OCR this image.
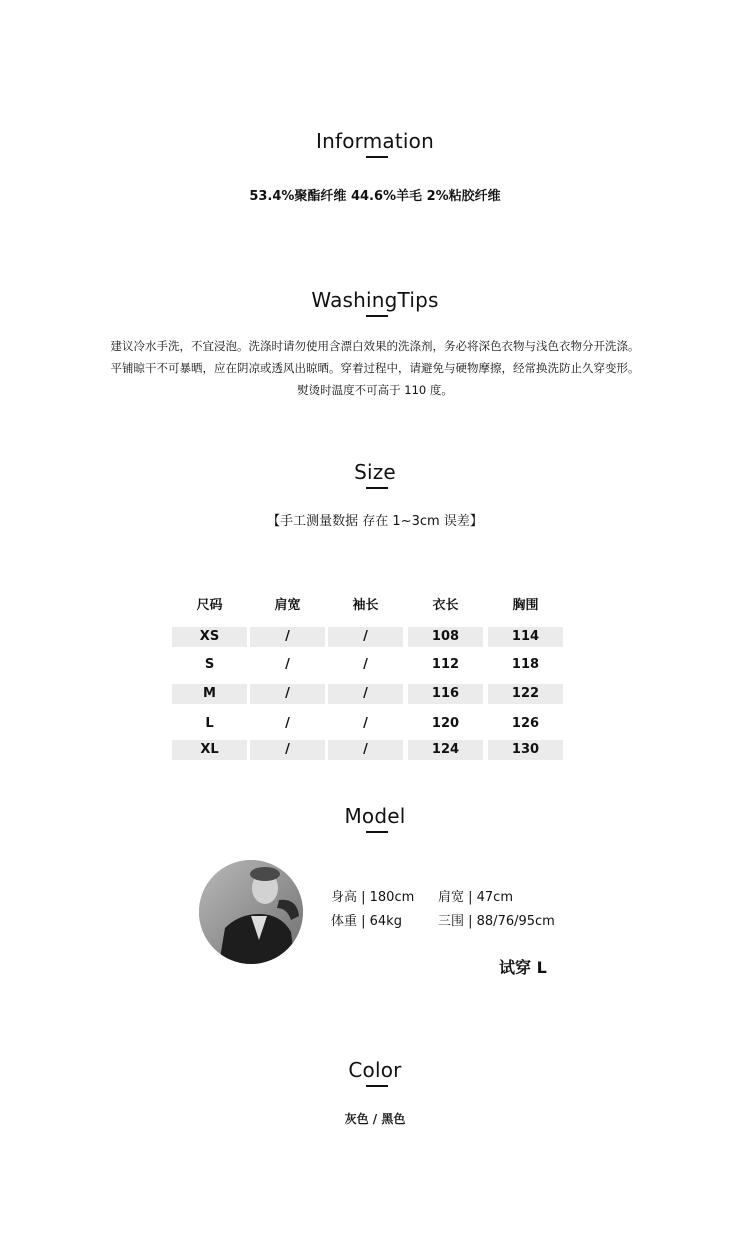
Information
53.4%聚酯纤维 44.6%羊毛 2%粘胶纤维
WashingTips
建议冷水手洗，不宜浸泡。洗涤时请勿使用含漂白效果的洗涤剂，务必将深色衣物与浅色衣物分开洗涤。
平铺晾干不可暴晒，应在阴凉或透风出晾晒。穿着过程中，请避免与硬物摩擦，经常换洗防止久穿变形。
熨烫时温度不可高于 110 度。
Size
【手工测量数据 存在 1~3cm 误差】
尺码	肩宽	袖长	衣长	胸围
XS	/	/	108	114
S	/	/	112	118
M	/	/	116	122
L	/	/	120	126
XL	/	/	124	130
Model
身高 | 180cm 肩宽 | 47cm
体重 | 64kg	三围 | 88/76/95cm
试穿 L
Color
灰色 / 黑色
